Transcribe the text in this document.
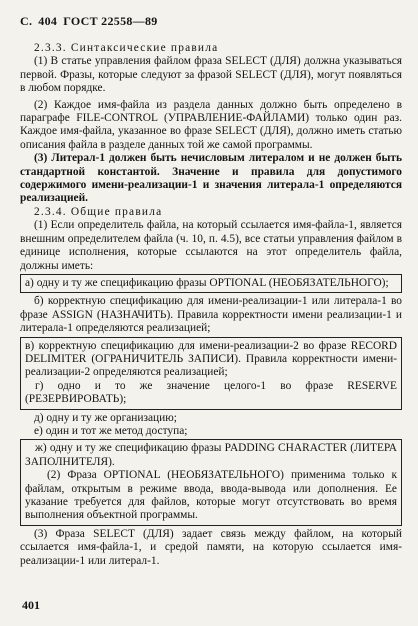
С. 404 ГОСТ 22558—89

2.3.3. Синтаксические правила

(1) В статье управления файлом фраза SELECT (ДЛЯ) должна указываться первой. Фразы, которые следуют за фразой SELECT (ДЛЯ), могут появляться в любом порядке.

(2) Каждое имя-файла из раздела данных должно быть определено в параграфе FILE-CONTROL (УПРАВЛЕНИЕ-ФАЙЛАМИ) только один раз. Каждое имя-файла, указанное во фразе SELECT (ДЛЯ), должно иметь статью описания файла в разделе данных той же самой программы.

(3) Литерал-1 должен быть нечисловым литералом и не должен быть стандартной константой. Значение и правила для допустимого содержимого имени-реализации-1 и значения литерала-1 определяются реализацией.

2.3.4. Общие правила

(1) Если определитель файла, на который ссылается имя-файла-1, является внешним определителем файла (ч. 10, п. 4.5), все статьи управления файлом в единице исполнения, которые ссылаются на этот определитель файла, должны иметь:

а) одну и ту же спецификацию фразы OPTIONAL (НЕОБЯЗАТЕЛЬНОГО);

б) корректную спецификацию для имени-реализации-1 или литерала-1 во фразе ASSIGN (НАЗНАЧИТЬ). Правила корректности имени реализации-1 и литерала-1 определяются реализацией;

в) корректную спецификацию для имени-реализации-2 во фразе RECORD DELIMITER (ОГРАНИЧИТЕЛЬ ЗАПИСИ). Правила корректности имени-реализации-2 определяются реализацией;

г) одно и то же значение целого-1 во фразе RESERVE (РЕЗЕРВИРОВАТЬ);

д) одну и ту же организацию;

е) один и тот же метод доступа;

ж) одну и ту же спецификацию фразы PADDING CHARACTER (ЛИТЕРА ЗАПОЛНИТЕЛЯ).

(2) Фраза OPTIONAL (НЕОБЯЗАТЕЛЬНОГО) применима только к файлам, открытым в режиме ввода, ввода-вывода или дополнения. Ее указание требуется для файлов, которые могут отсутствовать во время выполнения объектной программы.

(3) Фраза SELECT (ДЛЯ) задает связь между файлом, на который ссылается имя-файла-1, и средой памяти, на которую ссылается имя-реализации-1 или литерал-1.

401
